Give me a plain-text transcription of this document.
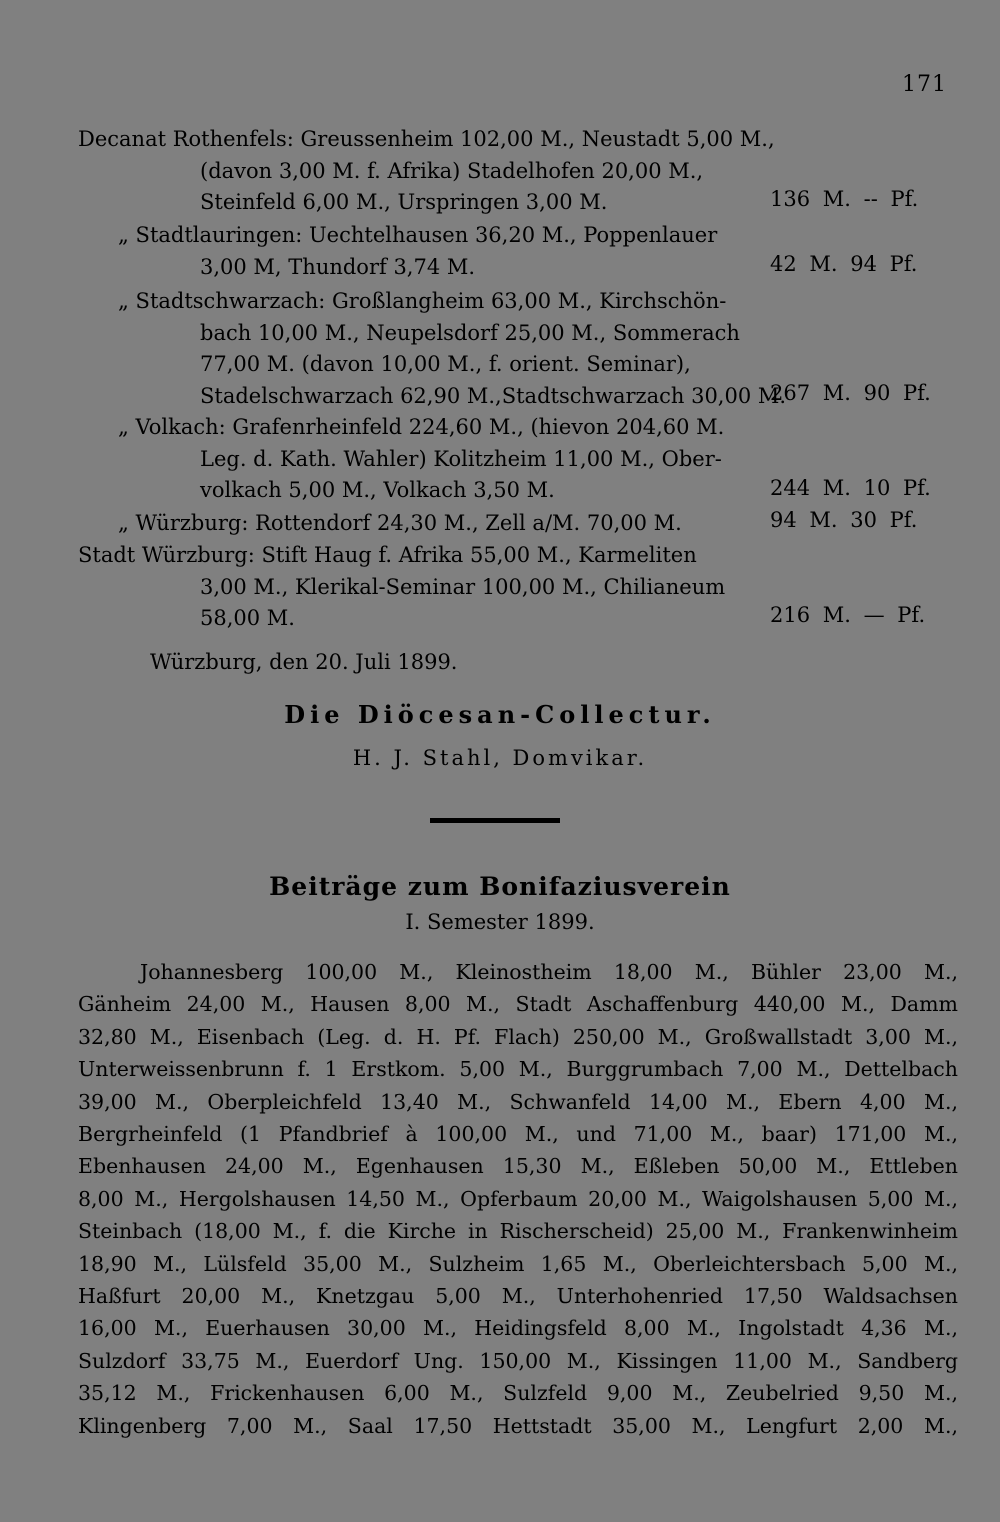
171
Decanat Rothenfels: Greussenheim 102,00 M., Neustadt 5,00 M.,
(davon 3,00 M. f. Afrika) Stadelhofen 20,00 M.,
Steinfeld 6,00 M., Urspringen 3,00 M.	136 M. -- Pf.
„ Stadtlauringen: Uechtelhausen 36,20 M., Poppenlauer
3,00 M, Thundorf 3,74 M.	42 M. 94 Pf.
„ Stadtschwarzach: Großlangheim 63,00 M., Kirchschön-
bach 10,00 M., Neupelsdorf 25,00 M., Sommerach
77,00 M. (davon 10,00 M., f. orient. Seminar),
Stadelschwarzach 62,90 M.,Stadtschwarzach 30,00 M.
267 M. 90 Pf.
„ Volkach: Grafenrheinfeld 224,60 M., (hievon 204,60 M.
Leg. d. Kath. Wahler) Kolitzheim 11,00 M., Ober-
volkach 5,00 M., Volkach 3,50 M.	244 M. 10 Pf.
„ Würzburg: Rottendorf 24,30 M., Zell a/M. 70,00 M.	94 M. 30 Pf.
Stadt Würzburg: Stift Haug f. Afrika 55,00 M., Karmeliten
3,00 M., Klerikal-Seminar 100,00 M., Chilianeum
58,00 M.	216 M. — Pf.
Würzburg, den 20. Juli 1899.
Die Diöcesan-Collectur.
H. J. Stahl, Domvikar.
Beiträge zum Bonifaziusverein
I. Semester 1899.
Johannesberg 100,00 M., Kleinostheim 18,00 M., Bühler 23,00 M.,
Gänheim 24,00 M., Hausen 8,00 M., Stadt Aschaffenburg 440,00 M., Damm
32,80 M., Eisenbach (Leg. d. H. Pf. Flach) 250,00 M., Großwallstadt 3,00 M.,
Unterweissenbrunn f. 1 Erstkom. 5,00 M., Burggrumbach 7,00 M., Dettelbach
39,00 M., Oberpleichfeld 13,40 M., Schwanfeld 14,00 M., Ebern 4,00 M.,
Bergrheinfeld (1 Pfandbrief à 100,00 M., und 71,00 M., baar) 171,00 M.,
Ebenhausen 24,00 M., Egenhausen 15,30 M., Eßleben 50,00 M., Ettleben
8,00 M., Hergolshausen 14,50 M., Opferbaum 20,00 M., Waigolshausen 5,00 M.,
Steinbach (18,00 M., f. die Kirche in Rischerscheid) 25,00 M., Frankenwinheim
18,90 M., Lülsfeld 35,00 M., Sulzheim 1,65 M., Oberleichtersbach 5,00 M.,
Haßfurt 20,00 M., Knetzgau 5,00 M., Unterhohenried 17,50 Waldsachsen
16,00 M., Euerhausen 30,00 M., Heidingsfeld 8,00 M., Ingolstadt 4,36 M.,
Sulzdorf 33,75 M., Euerdorf Ung. 150,00 M., Kissingen 11,00 M., Sandberg
35,12 M., Frickenhausen 6,00 M., Sulzfeld 9,00 M., Zeubelried 9,50 M.,
Klingenberg 7,00 M., Saal 17,50 Hettstadt 35,00 M., Lengfurt 2,00 M.,
